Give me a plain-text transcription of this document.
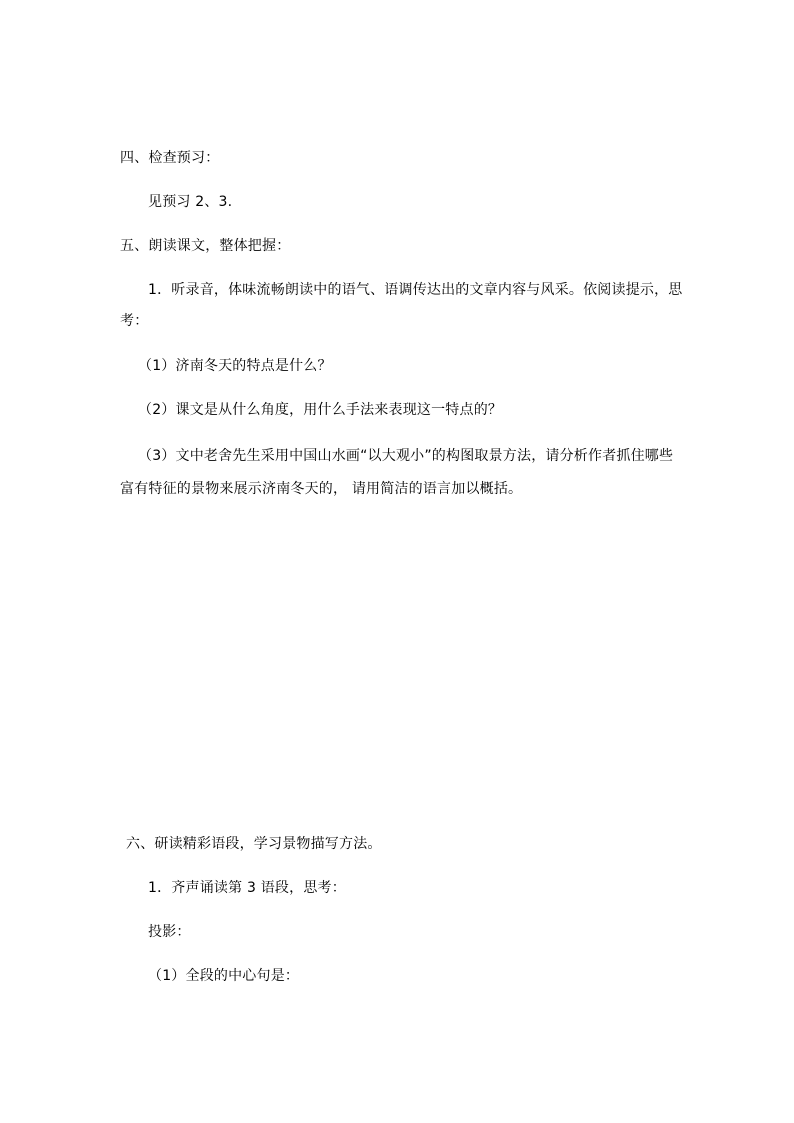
四、检查预习：
见预习 2、3.
五、朗读课文，整体把握：
1．听录音，体味流畅朗读中的语气、语调传达出的文章内容与风采。依阅读提示，思
考：
（1）济南冬天的特点是什么？
（2）课文是从什么角度，用什么手法来表现这一特点的？
（3）文中老舍先生采用中国山水画“以大观小”的构图取景方法，请分析作者抓住哪些
富有特征的景物来展示济南冬天的， 请用简洁的语言加以概括。
六、研读精彩语段，学习景物描写方法。
1．齐声诵读第 3 语段，思考：
投影：
（1）全段的中心句是：
